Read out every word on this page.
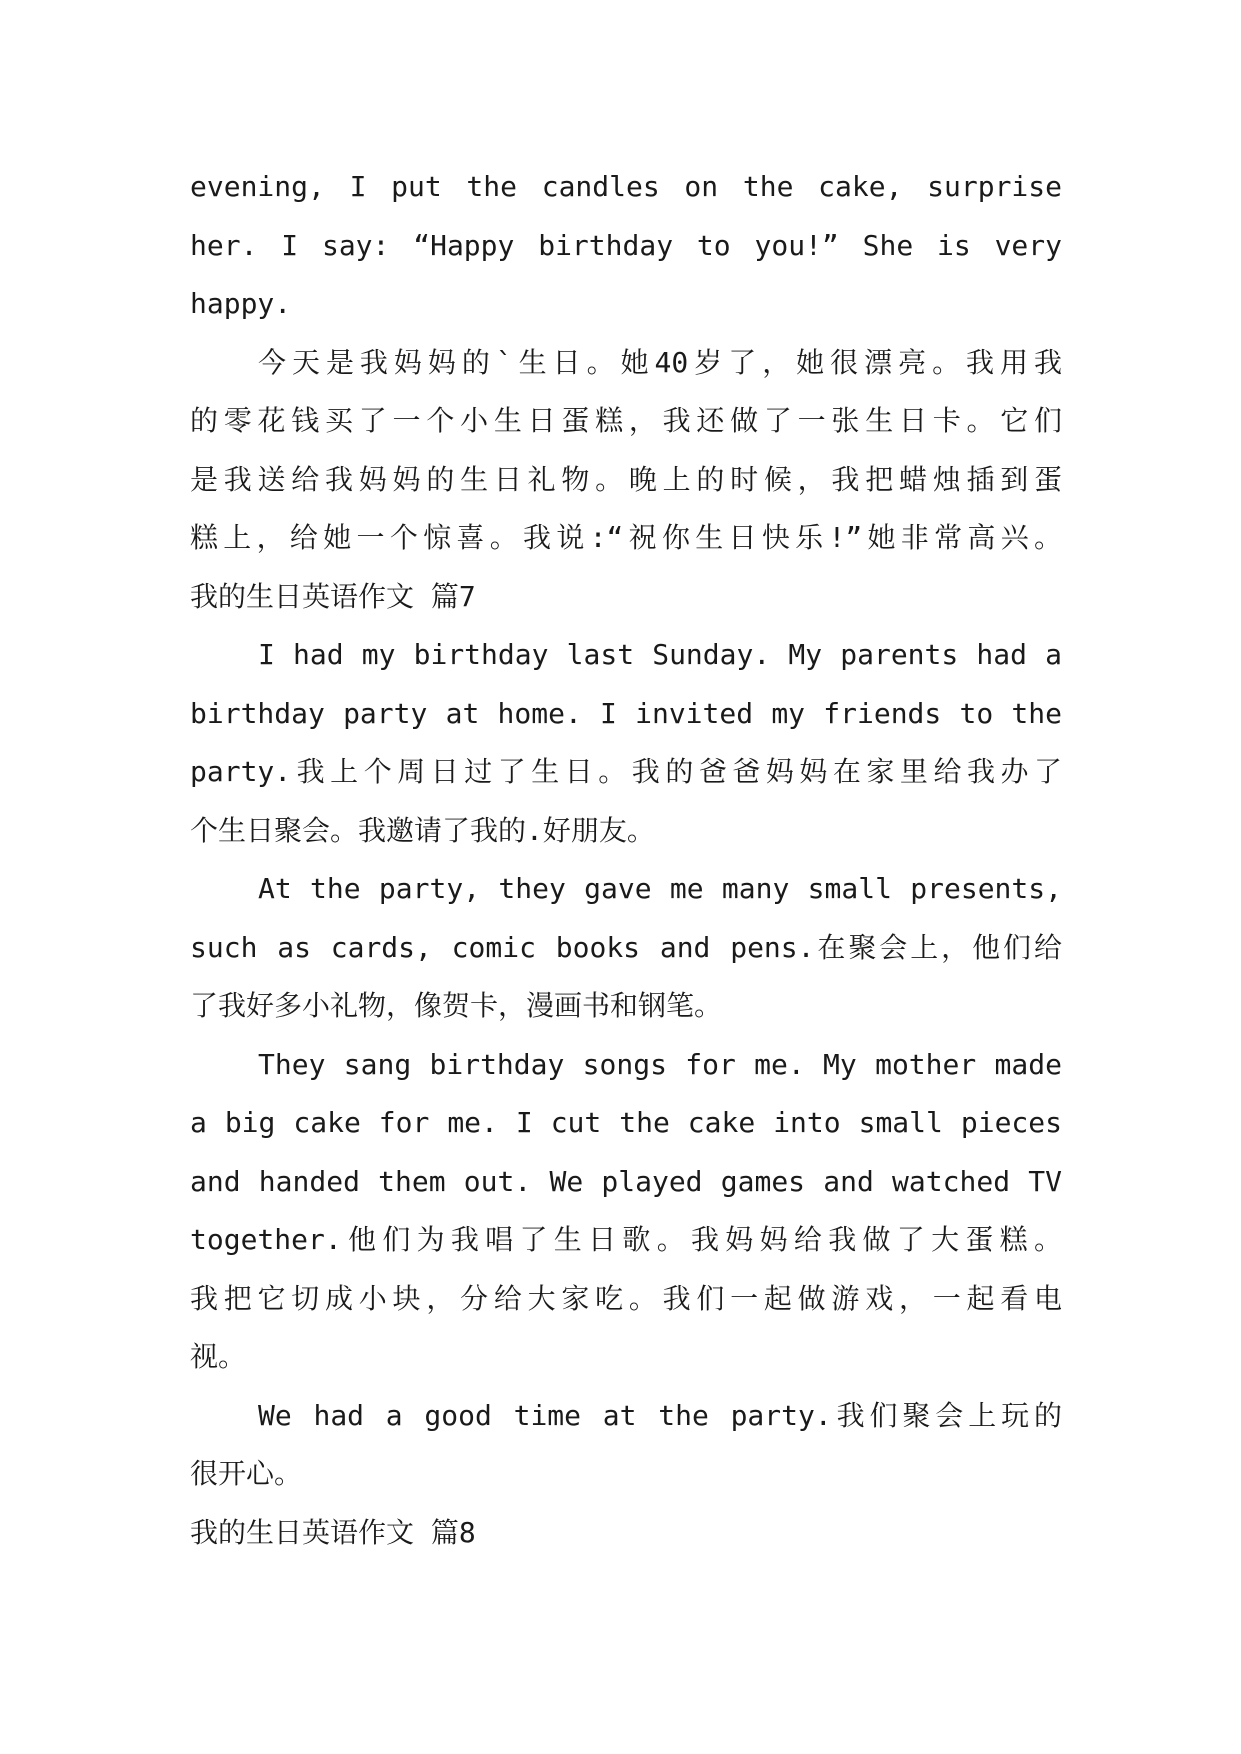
evening, I put the candles on the cake, surprise
her. I say: “Happy birthday to you!” She is very
happy.
今天是我妈妈的`生日。她40岁了，她很漂亮。我用我
的零花钱买了一个小生日蛋糕，我还做了一张生日卡。它们
是我送给我妈妈的生日礼物。晚上的时候，我把蜡烛插到蛋
糕上，给她一个惊喜。我说:“祝你生日快乐!”她非常高兴。
我的生日英语作文 篇7
I had my birthday last Sunday. My parents had a
birthday party at home. I invited my friends to the
party.我上个周日过了生日。我的爸爸妈妈在家里给我办了
个生日聚会。我邀请了我的.好朋友。
At the party, they gave me many small presents,
such as cards, comic books and pens.在聚会上，他们给
了我好多小礼物，像贺卡，漫画书和钢笔。
They sang birthday songs for me. My mother made
a big cake for me. I cut the cake into small pieces
and handed them out. We played games and watched TV
together.他们为我唱了生日歌。我妈妈给我做了大蛋糕。
我把它切成小块，分给大家吃。我们一起做游戏，一起看电
视。
We had a good time at the party.我们聚会上玩的
很开心。
我的生日英语作文 篇8
